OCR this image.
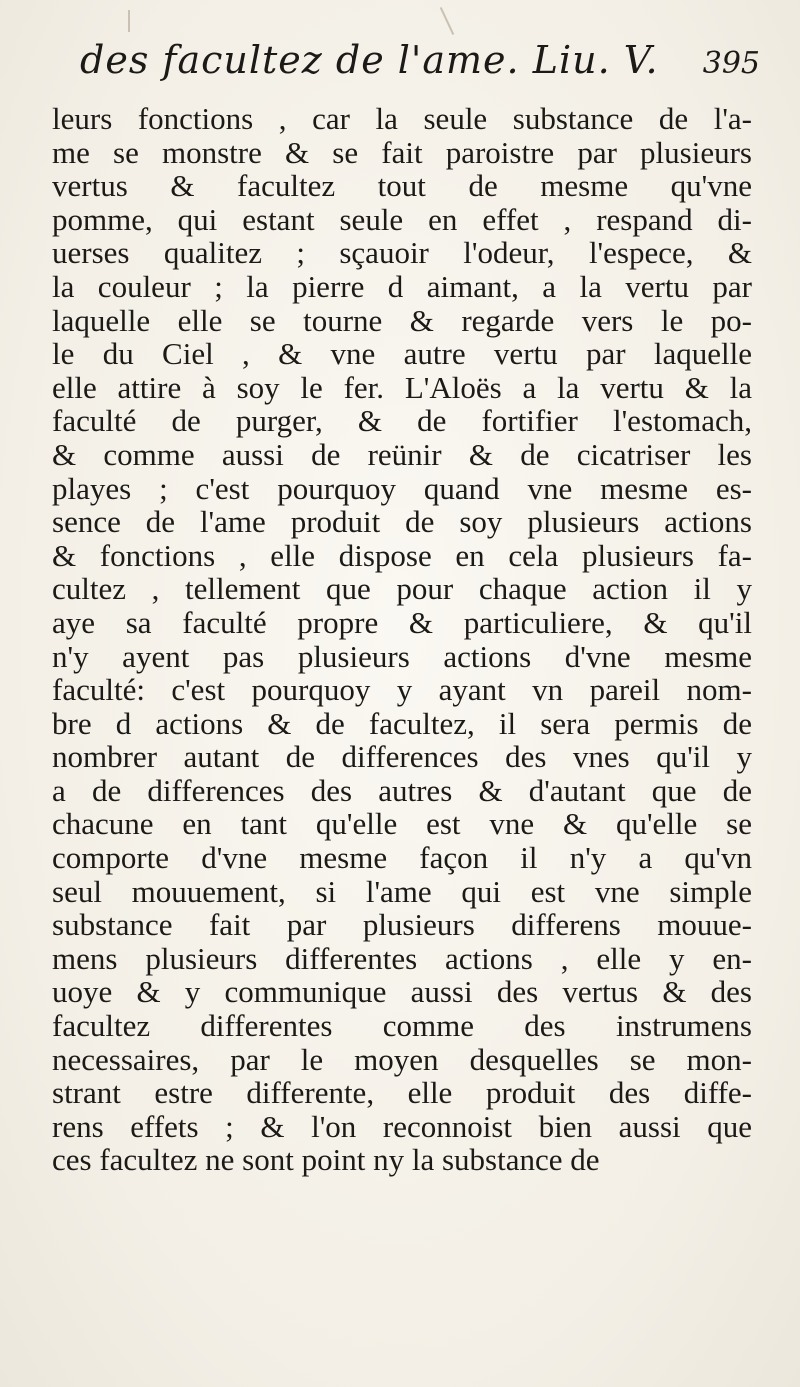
des facultez de l'ame. Liu. V. 395
leurs fonctions , car la seule substance de l'a-
me se monstre & se fait paroistre par plusieurs
vertus & facultez tout de mesme qu'vne
pomme, qui estant seule en effet , respand di-
uerses qualitez ; sçauoir l'odeur, l'espece, &
la couleur ; la pierre d aimant, a la vertu par
laquelle elle se tourne & regarde vers le po-
le du Ciel , & vne autre vertu par laquelle
elle attire à soy le fer. L'Aloës a la vertu & la
faculté de purger, & de fortifier l'estomach,
& comme aussi de reünir & de cicatriser les
playes ; c'est pourquoy quand vne mesme es-
sence de l'ame produit de soy plusieurs actions
& fonctions , elle dispose en cela plusieurs fa-
cultez , tellement que pour chaque action il y
aye sa faculté propre & particuliere, & qu'il
n'y ayent pas plusieurs actions d'vne mesme
faculté: c'est pourquoy y ayant vn pareil nom-
bre d actions & de facultez, il sera permis de
nombrer autant de differences des vnes qu'il y
a de differences des autres & d'autant que de
chacune en tant qu'elle est vne & qu'elle se
comporte d'vne mesme façon il n'y a qu'vn
seul mouuement, si l'ame qui est vne simple
substance fait par plusieurs differens mouue-
mens plusieurs differentes actions , elle y en-
uoye & y communique aussi des vertus & des
facultez differentes comme des instrumens
necessaires, par le moyen desquelles se mon-
strant estre differente, elle produit des diffe-
rens effets ; & l'on reconnoist bien aussi que
ces facultez ne sont point ny la substance de
